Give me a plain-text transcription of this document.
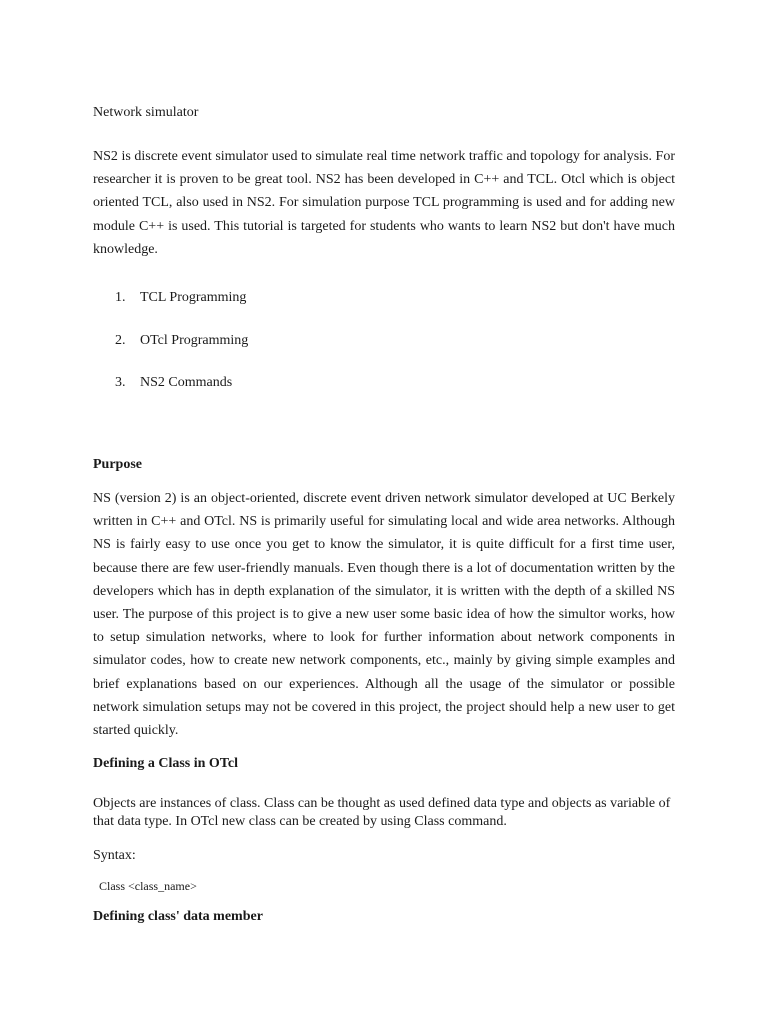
Network simulator

NS2 is discrete event simulator used to simulate real time network traffic and topology for analysis. For researcher it is proven to be great tool. NS2 has been developed in C++ and TCL. Otcl which is object oriented TCL, also used in NS2. For simulation purpose TCL programming is used and for adding new module C++ is used. This tutorial is targeted for students who wants to learn NS2 but don't have much knowledge.

1. TCL Programming
2. OTcl Programming
3. NS2 Commands

Purpose

NS (version 2) is an object-oriented, discrete event driven network simulator developed at UC Berkely written in C++ and OTcl. NS is primarily useful for simulating local and wide area networks. Although NS is fairly easy to use once you get to know the simulator, it is quite difficult for a first time user, because there are few user-friendly manuals. Even though there is a lot of documentation written by the developers which has in depth explanation of the simulator, it is written with the depth of a skilled NS user. The purpose of this project is to give a new user some basic idea of how the simultor works, how to setup simulation networks, where to look for further information about network components in simulator codes, how to create new network components, etc., mainly by giving simple examples and brief explanations based on our experiences. Although all the usage of the simulator or possible network simulation setups may not be covered in this project, the project should help a new user to get started quickly.

Defining a Class in OTcl

Objects are instances of class. Class can be thought as used defined data type and objects as variable of that data type. In OTcl new class can be created by using Class command.

Syntax:

Class <class_name>

Defining class' data member
